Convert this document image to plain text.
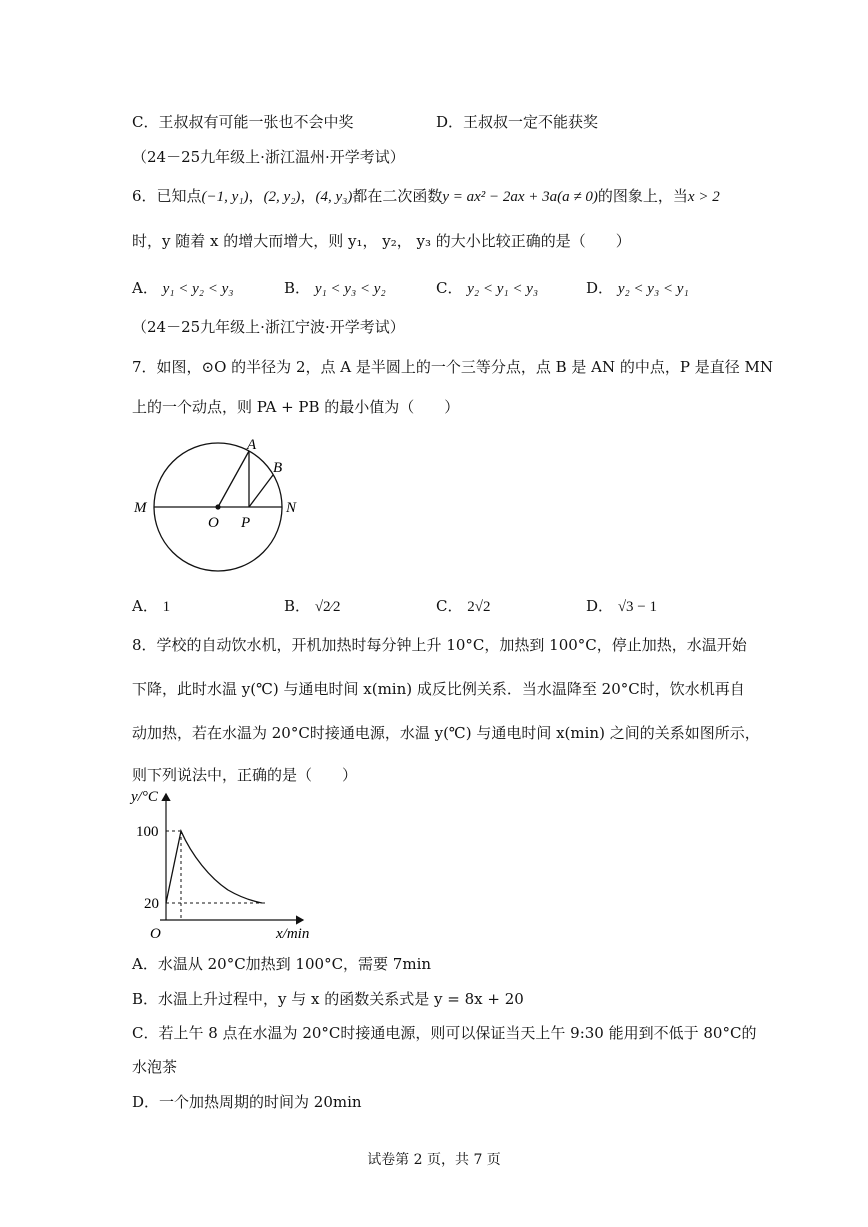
C．王叔叔有可能一张也不会中奖	D．王叔叔一定不能获奖
（24－25九年级上·浙江温州·开学考试）
6．已知点(−1, y₁)，(2, y₂)，(4, y₃)都在二次函数y = ax² − 2ax + 3a(a ≠ 0)的图象上，当x > 2
时，y 随着 x 的增大而增大，则 y₁， y₂， y₃ 的大小比较正确的是（　　）
A． y₁ < y₂ < y₃	B． y₁ < y₃ < y₂	C． y₂ < y₁ < y₃	D． y₂ < y₃ < y₁
（24－25九年级上·浙江宁波·开学考试）
7．如图，⊙O 的半径为 2，点 A 是半圆上的一个三等分点，点 B 是 AN 的中点，P 是直径 MN
上的一个动点，则 PA + PB 的最小值为（　　）
M	N
O P
A
B
A． 1	B． √2⁄2	C． 2√2	D． √3 − 1
8．学校的自动饮水机，开机加热时每分钟上升 10°C，加热到 100°C，停止加热，水温开始
下降，此时水温 y(℃) 与通电时间 x(min) 成反比例关系．当水温降至 20°C时，饮水机再自
动加热，若在水温为 20°C时接通电源，水温 y(℃) 与通电时间 x(min) 之间的关系如图所示，
则下列说法中，正确的是（　　）
y/°C
100
20
O	x/min
A．水温从 20°C加热到 100°C，需要 7min
B．水温上升过程中，y 与 x 的函数关系式是 y = 8x + 20
C．若上午 8 点在水温为 20°C时接通电源，则可以保证当天上午 9:30 能用到不低于 80°C的
水泡茶
D．一个加热周期的时间为 20min
试卷第 2 页，共 7 页
